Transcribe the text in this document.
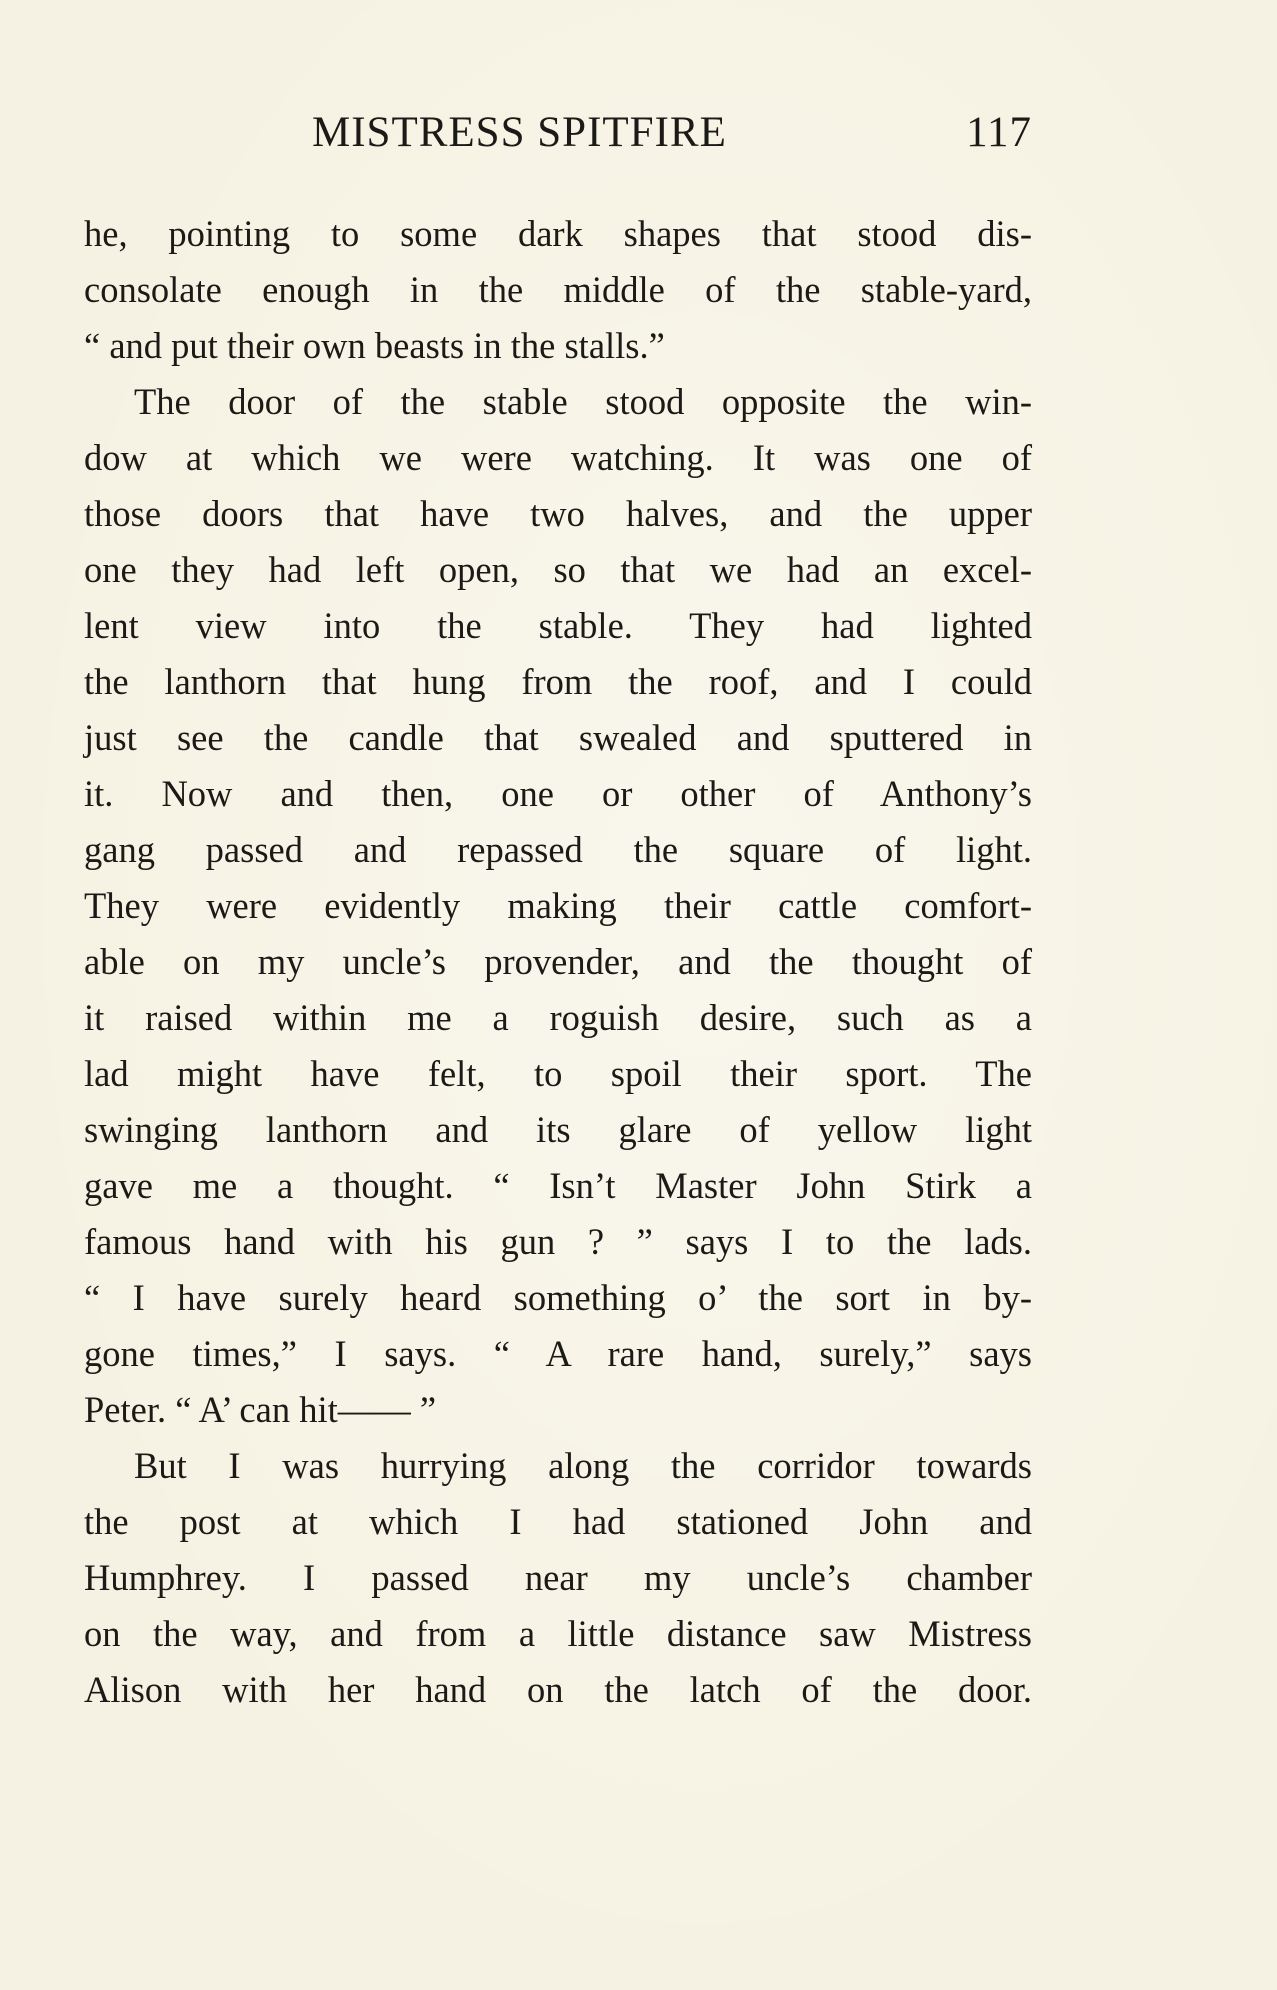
MISTRESS SPITFIRE	117
he, pointing to some dark shapes that stood dis-
consolate enough in the middle of the stable-yard,
“ and put their own beasts in the stalls.”
The door of the stable stood opposite the win-
dow at which we were watching. It was one of
those doors that have two halves, and the upper
one they had left open, so that we had an excel-
lent view into the stable. They had lighted
the lanthorn that hung from the roof, and I could
just see the candle that swealed and sputtered in
it. Now and then, one or other of Anthony’s
gang passed and repassed the square of light.
They were evidently making their cattle comfort-
able on my uncle’s provender, and the thought of
it raised within me a roguish desire, such as a
lad might have felt, to spoil their sport. The
swinging lanthorn and its glare of yellow light
gave me a thought. “ Isn’t Master John Stirk a
famous hand with his gun ? ” says I to the lads.
“ I have surely heard something o’ the sort in by-
gone times,” I says. “ A rare hand, surely,” says
Peter. “ A’ can hit—— ”
But I was hurrying along the corridor towards
the post at which I had stationed John and
Humphrey. I passed near my uncle’s chamber
on the way, and from a little distance saw Mistress
Alison with her hand on the latch of the door.
